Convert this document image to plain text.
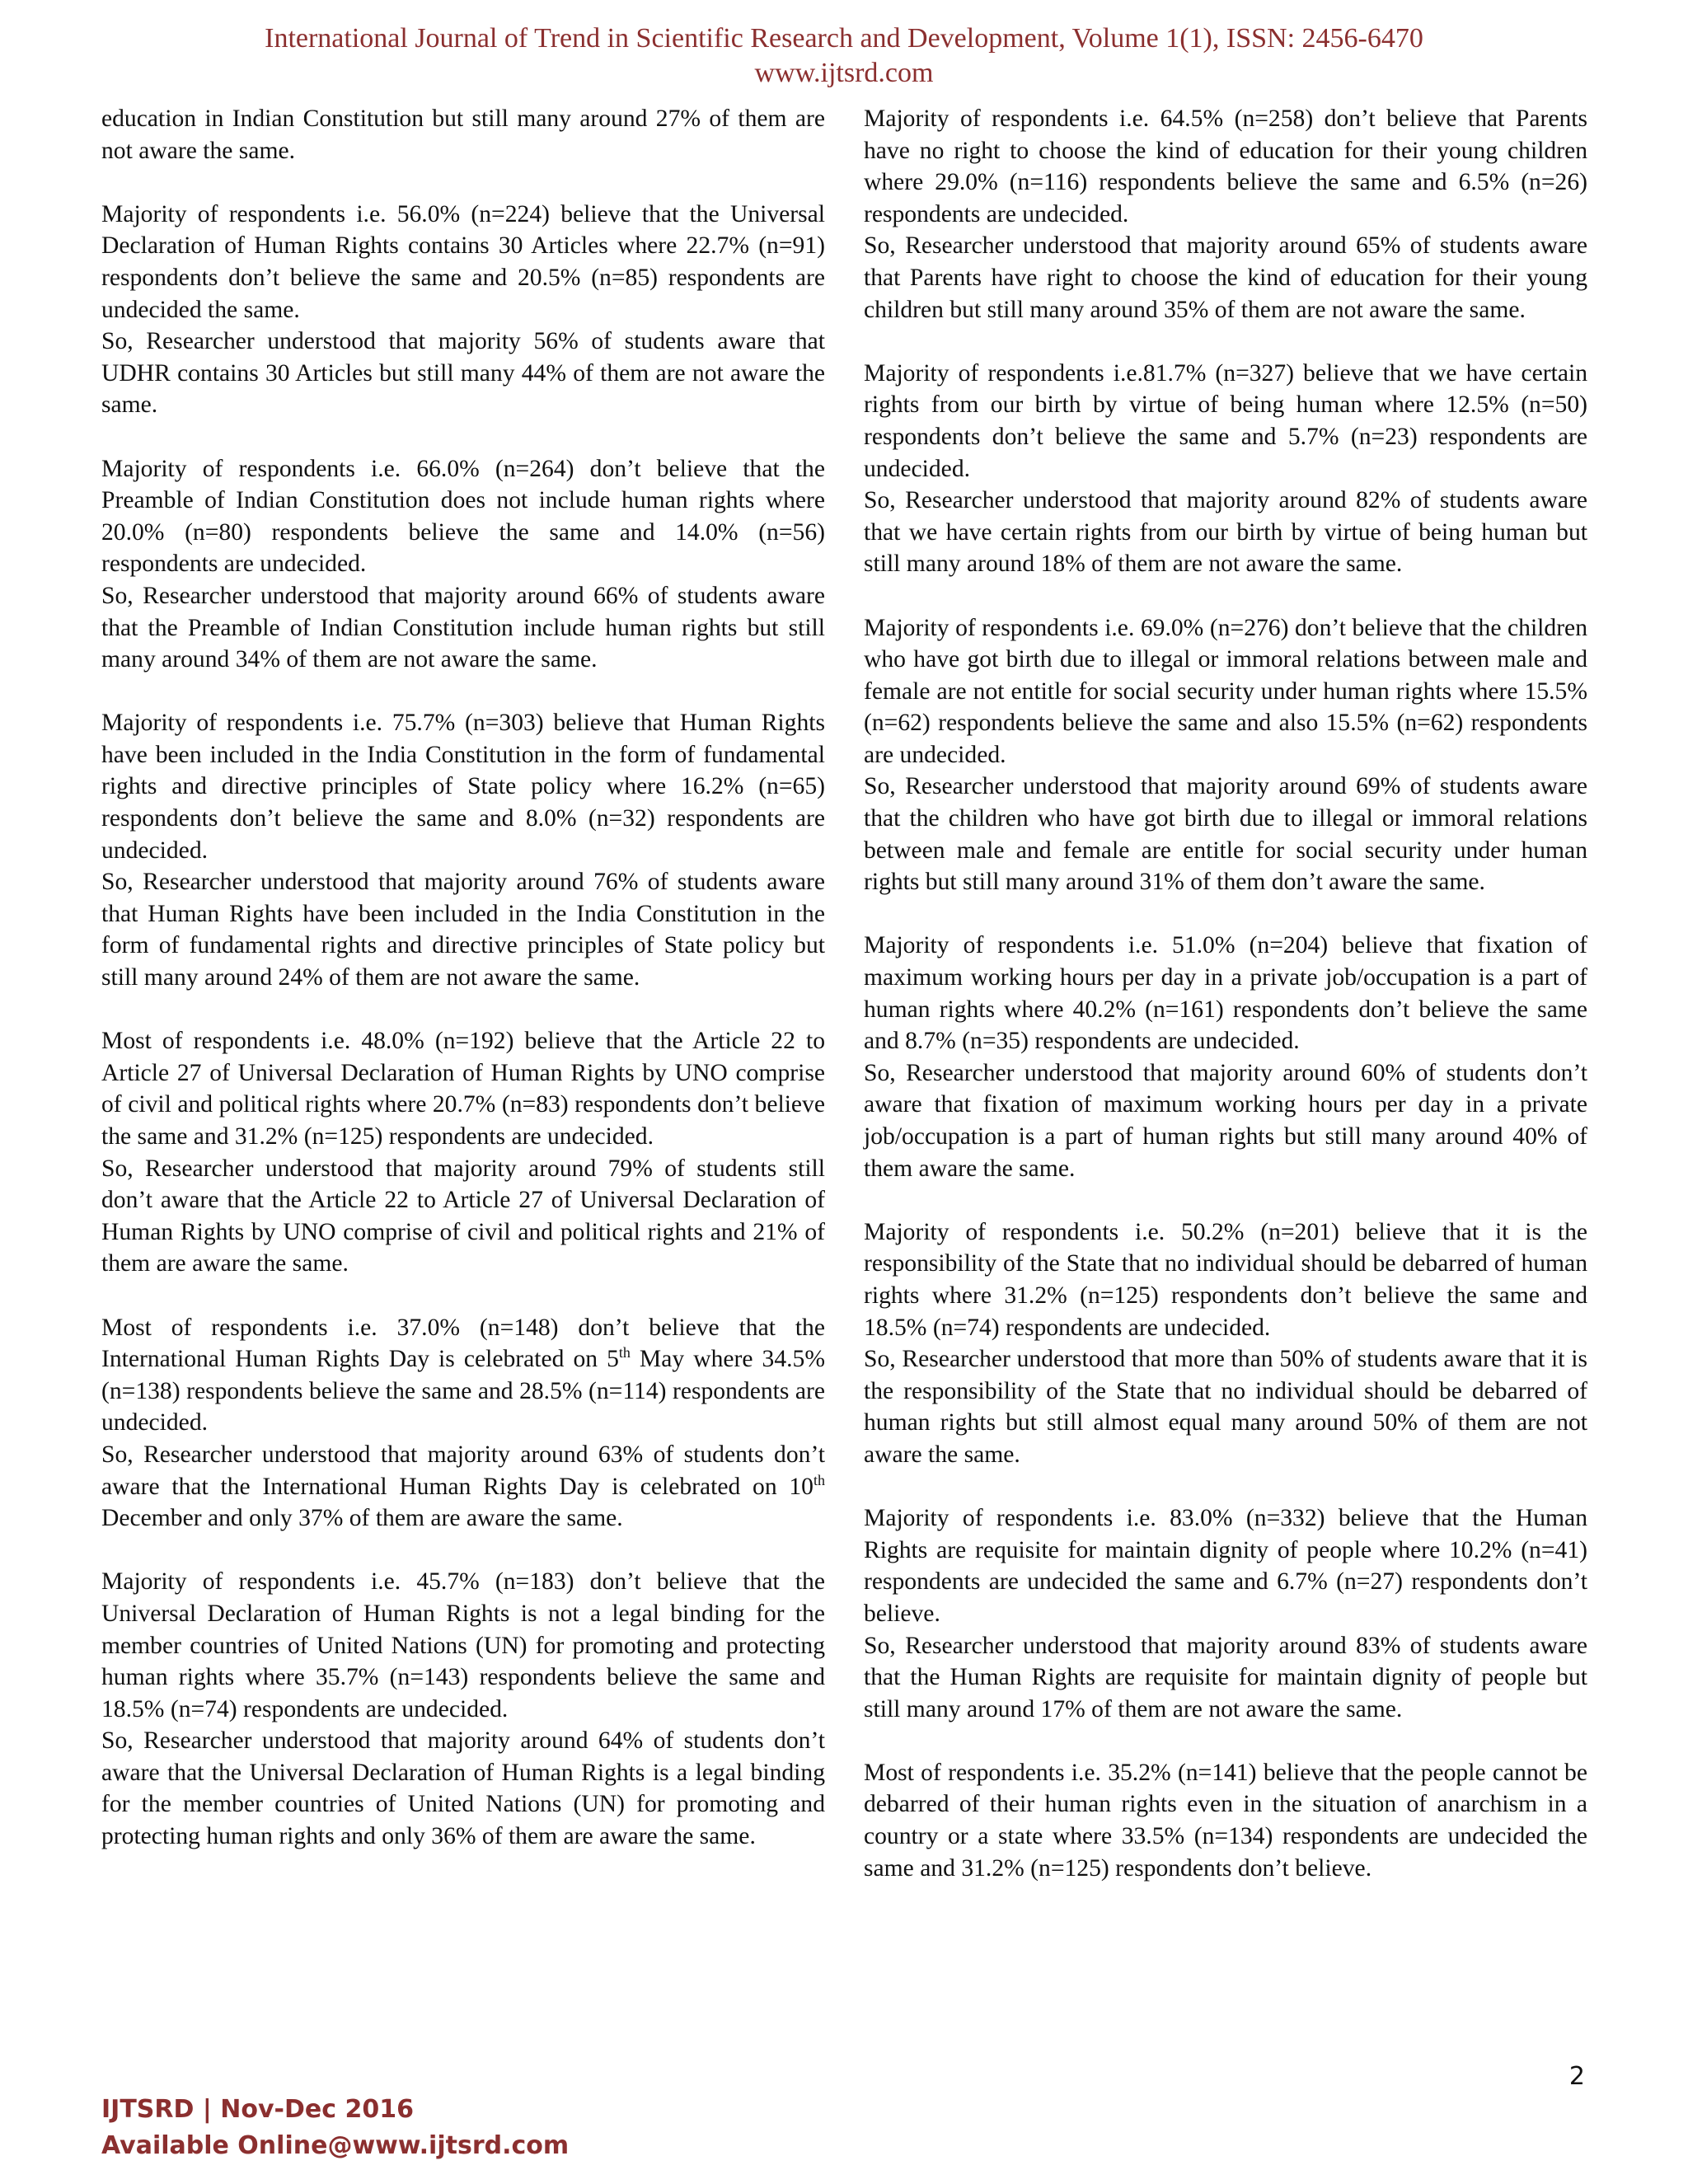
International Journal of Trend in Scientific Research and Development, Volume 1(1), ISSN: 2456-6470
www.ijtsrd.com

education in Indian Constitution but still many around 27% of them are not aware the same.

Majority of respondents i.e. 56.0% (n=224) believe that the Universal Declaration of Human Rights contains 30 Articles where 22.7% (n=91) respondents don’t believe the same and 20.5% (n=85) respondents are undecided the same.

So, Researcher understood that majority 56% of students aware that UDHR contains 30 Articles but still many 44% of them are not aware the same.

Majority of respondents i.e. 66.0% (n=264) don’t believe that the Preamble of Indian Constitution does not include human rights where 20.0% (n=80) respondents believe the same and 14.0% (n=56) respondents are undecided.

So, Researcher understood that majority around 66% of students aware that the Preamble of Indian Constitution include human rights but still many around 34% of them are not aware the same.

Majority of respondents i.e. 75.7% (n=303) believe that Human Rights have been included in the India Constitution in the form of fundamental rights and directive principles of State policy where 16.2% (n=65) respondents don’t believe the same and 8.0% (n=32) respondents are undecided.

So, Researcher understood that majority around 76% of students aware that Human Rights have been included in the India Constitution in the form of fundamental rights and directive principles of State policy but still many around 24% of them are not aware the same.

Most of respondents i.e. 48.0% (n=192) believe that the Article 22 to Article 27 of Universal Declaration of Human Rights by UNO comprise of civil and political rights where 20.7% (n=83) respondents don’t believe the same and 31.2% (n=125) respondents are undecided.

So, Researcher understood that majority around 79% of students still don’t aware that the Article 22 to Article 27 of Universal Declaration of Human Rights by UNO comprise of civil and political rights and 21% of them are aware the same.

Most of respondents i.e. 37.0% (n=148) don’t believe that the International Human Rights Day is celebrated on 5th May where 34.5% (n=138) respondents believe the same and 28.5% (n=114) respondents are undecided.

So, Researcher understood that majority around 63% of students don’t aware that the International Human Rights Day is celebrated on 10th December and only 37% of them are aware the same.

Majority of respondents i.e. 45.7% (n=183) don’t believe that the Universal Declaration of Human Rights is not a legal binding for the member countries of United Nations (UN) for promoting and protecting human rights where 35.7% (n=143) respondents believe the same and 18.5% (n=74) respondents are undecided.

So, Researcher understood that majority around 64% of students don’t aware that the Universal Declaration of Human Rights is a legal binding for the member countries of United Nations (UN) for promoting and protecting human rights and only 36% of them are aware the same.

Majority of respondents i.e. 64.5% (n=258) don’t believe that Parents have no right to choose the kind of education for their young children where 29.0% (n=116) respondents believe the same and 6.5% (n=26) respondents are undecided.

So, Researcher understood that majority around 65% of students aware that Parents have right to choose the kind of education for their young children but still many around 35% of them are not aware the same.

Majority of respondents i.e.81.7% (n=327) believe that we have certain rights from our birth by virtue of being human where 12.5% (n=50) respondents don’t believe the same and 5.7% (n=23) respondents are undecided.

So, Researcher understood that majority around 82% of students aware that we have certain rights from our birth by virtue of being human but still many around 18% of them are not aware the same.

Majority of respondents i.e. 69.0% (n=276) don’t believe that the children who have got birth due to illegal or immoral relations between male and female are not entitle for social security under human rights where 15.5% (n=62) respondents believe the same and also 15.5% (n=62) respondents are undecided.

So, Researcher understood that majority around 69% of students aware that the children who have got birth due to illegal or immoral relations between male and female are entitle for social security under human rights but still many around 31% of them don’t aware the same.

Majority of respondents i.e. 51.0% (n=204) believe that fixation of maximum working hours per day in a private job/occupation is a part of human rights where 40.2% (n=161) respondents don’t believe the same and 8.7% (n=35) respondents are undecided.

So, Researcher understood that majority around 60% of students don’t aware that fixation of maximum working hours per day in a private job/occupation is a part of human rights but still many around 40% of them aware the same.

Majority of respondents i.e. 50.2% (n=201) believe that it is the responsibility of the State that no individual should be debarred of human rights where 31.2% (n=125) respondents don’t believe the same and 18.5% (n=74) respondents are undecided.

So, Researcher understood that more than 50% of students aware that it is the responsibility of the State that no individual should be debarred of human rights but still almost equal many around 50% of them are not aware the same.

Majority of respondents i.e. 83.0% (n=332) believe that the Human Rights are requisite for maintain dignity of people where 10.2% (n=41) respondents are undecided the same and 6.7% (n=27) respondents don’t believe.

So, Researcher understood that majority around 83% of students aware that the Human Rights are requisite for maintain dignity of people but still many around 17% of them are not aware the same.

Most of respondents i.e. 35.2% (n=141) believe that the people cannot be debarred of their human rights even in the situation of anarchism in a country or a state where 33.5% (n=134) respondents are undecided the same and 31.2% (n=125) respondents don’t believe.

2
IJTSRD | Nov-Dec 2016
Available Online@www.ijtsrd.com
